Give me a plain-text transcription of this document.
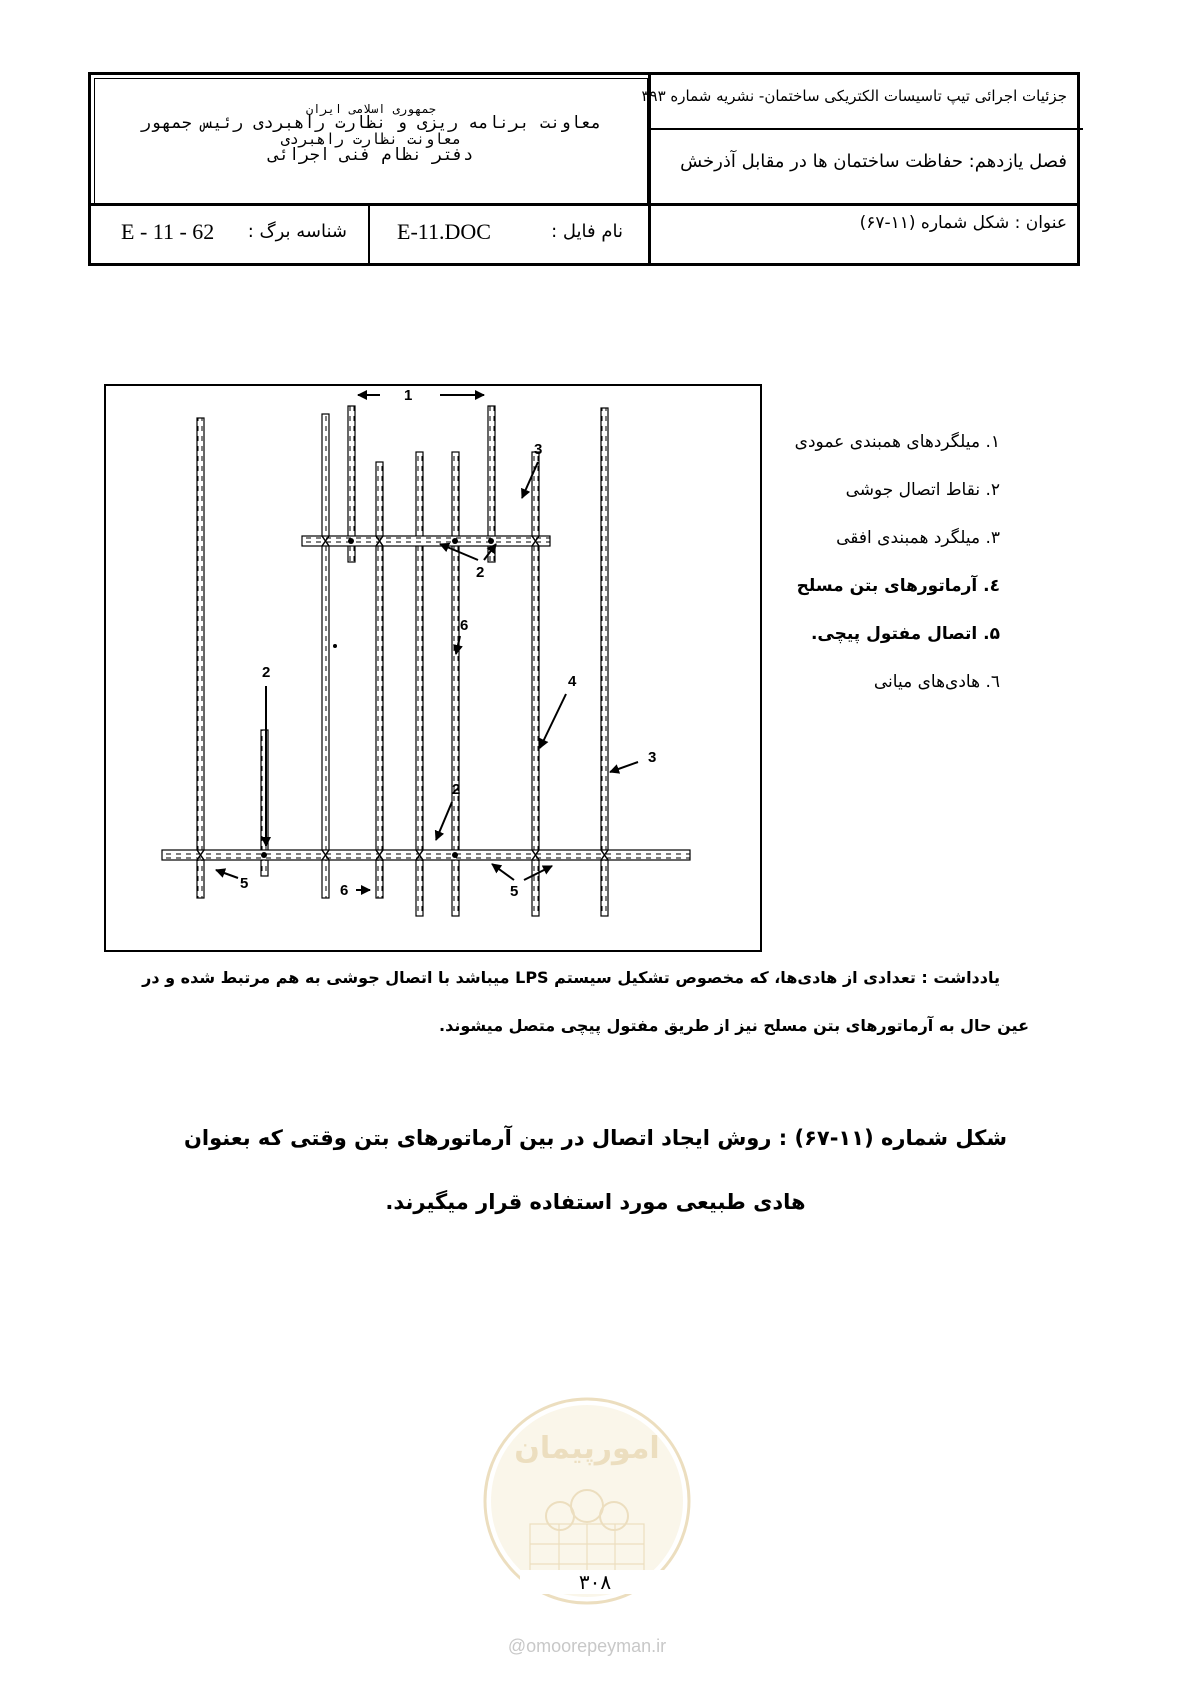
جمهوری اسلامی ایران
معاونت برنامه ریزی و نظارت راهبردی رئیس جمهور
معاونت نظارت راهبردی
دفتر نظام فنی اجرائی
جزئیات اجرائی تیپ تاسیسات الکتریکی ساختمان- نشریه شماره ۳۹۳
فصل یازدهم: حفاظت ساختمان ها در مقابل آذرخش
عنوان : شکل شماره (۱۱-۶۷)
نام فایل :
E-11.DOC
شناسه برگ :
E - 11 - 62
1
2
2
2
3
3
4
5	5
6
6
۱. میلگردهای همبندی عمودی
۲. نقاط اتصال جوشی
۳. میلگرد همبندی افقی
٤. آرماتورهای بتن مسلح
۵. اتصال مفتول پیچی.
٦. هادی‌های میانی
یادداشت : تعدادی از هادی‌ها، که مخصوص تشکیل سیستم LPS میباشد با اتصال جوشی به هم مرتبط شده و در
عین حال به آرماتورهای بتن مسلح نیز از طریق مفتول پیچی متصل میشوند.
شکل شماره (۱۱-۶۷) : روش ایجاد اتصال در بین آرماتورهای بتن وقتی که بعنوان
هادی طبیعی مورد استفاده قرار میگیرند.
امورپیمان
۳۰۸
@omoorepeyman.ir
